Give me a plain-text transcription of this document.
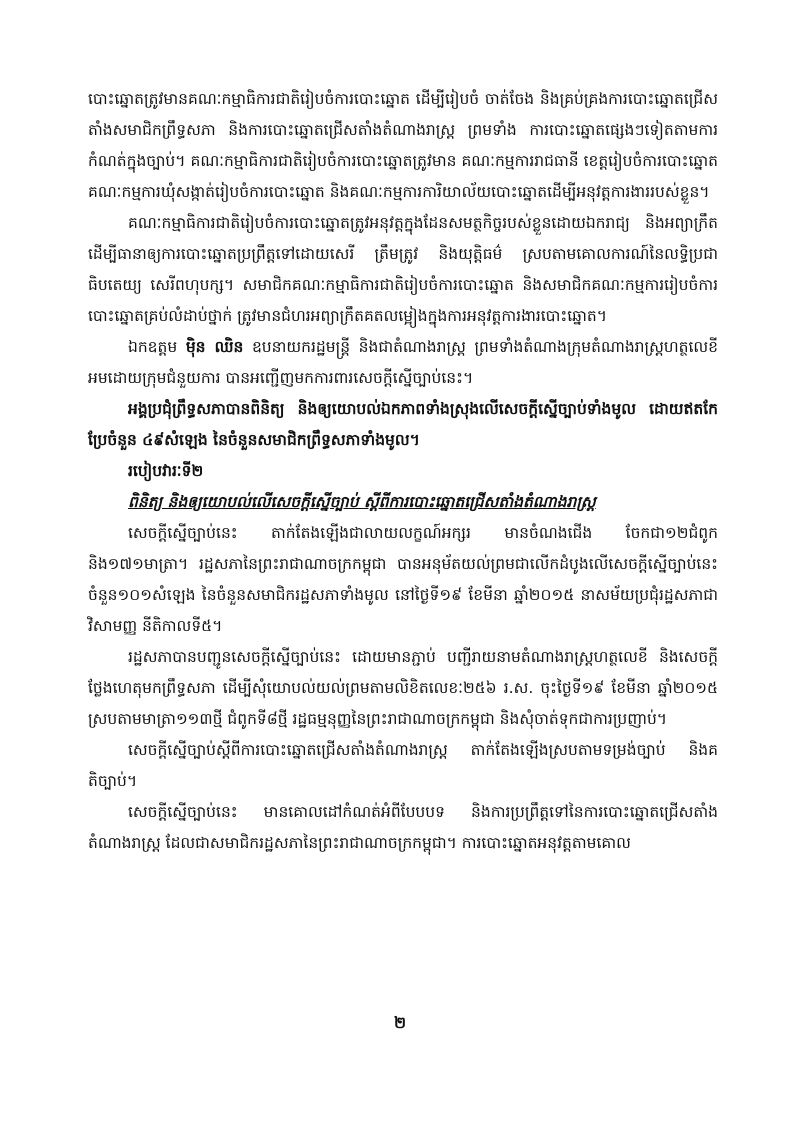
បោះឆ្នោតត្រូវមានគណៈកម្មាធិការជាតិរៀបចំការបោះឆ្នោត ដើម្បីរៀបចំ ចាត់ចែង និងគ្រប់គ្រងការបោះឆ្នោតជ្រើសតាំងសមាជិកព្រឹទ្ធសភា និងការបោះឆ្នោតជ្រើសតាំងតំណាងរាស្ត្រ ព្រមទាំង ការបោះឆ្នោតផ្សេងៗទៀតតាមការកំណត់ក្នុងច្បាប់។ គណៈកម្មាធិការជាតិរៀបចំការបោះឆ្នោតត្រូវមាន គណៈកម្មការរាជធានី ខេត្តរៀបចំការបោះឆ្នោត គណៈកម្មការឃុំសង្កាត់រៀបចំការបោះឆ្នោត និងគណៈកម្មការការិយាល័យបោះឆ្នោតដើម្បីអនុវត្តការងាររបស់ខ្លួន។

គណៈកម្មាធិការជាតិរៀបចំការបោះឆ្នោតត្រូវអនុវត្តក្នុងដែនសមត្ថកិច្ចរបស់ខ្លួនដោយឯករាជ្យ និងអព្យាក្រឹត ដើម្បីធានាឲ្យការបោះឆ្នោតប្រព្រឹត្តទៅដោយសេរី ត្រឹមត្រូវ និងយុត្តិធម៌ ស្របតាមគោលការណ៍នៃលទ្ធិប្រជាធិបតេយ្យ សេរីពហុបក្ស។ សមាជិកគណៈកម្មាធិការជាតិរៀបចំការបោះឆ្នោត និងសមាជិកគណៈកម្មការរៀបចំការបោះឆ្នោតគ្រប់លំដាប់ថ្នាក់ ត្រូវមានជំហរអព្យាក្រឹតគតលម្អៀងក្នុងការអនុវត្តការងារបោះឆ្នោត។

ឯកឧត្តម ម៉ិន ឈិន ឧបនាយករដ្ឋមន្ត្រី និងជាតំណាងរាស្ត្រ ព្រមទាំងតំណាងក្រុមតំណាងរាស្ត្រហត្ថលេខី អមដោយក្រុមជំនួយការ បានអញ្ជើញមកការពារសេចក្តីស្នើច្បាប់នេះ។

អង្គប្រជុំព្រឹទ្ធសភាបានពិនិត្យ និងឲ្យយោបល់ឯកភាពទាំងស្រុងលើសេចក្តីស្នើច្បាប់ទាំងមូល ដោយឥតកែប្រែចំនួន ៤៩សំឡេង នៃចំនួនសមាជិកព្រឹទ្ធសភាទាំងមូល។

របៀបវារៈទី២

ពិនិត្យ និងឲ្យយោបល់លើសេចក្តីស្នើច្បាប់ ស្តីពីការបោះឆ្នោតជ្រើសតាំងតំណាងរាស្ត្រ

សេចក្តីស្នើច្បាប់នេះ តាក់តែងឡើងជាលាយលក្ខណ៍អក្សរ មានចំណងជើង ចែកជា១២ជំពូក និង១៧១មាត្រា។ រដ្ឋសភានៃព្រះរាជាណាចក្រកម្ពុជា បានអនុម័តយល់ព្រមជាលើកដំបូងលើសេចក្តីស្នើច្បាប់នេះ ចំនួន១០១សំឡេង នៃចំនួនសមាជិករដ្ឋសភាទាំងមូល នៅថ្ងៃទី១៩ ខែមីនា ឆ្នាំ២០១៥ នាសម័យប្រជុំរដ្ឋសភាជាវិសាមញ្ញ នីតិកាលទី៥។

រដ្ឋសភាបានបញ្ជូនសេចក្តីស្នើច្បាប់នេះ ដោយមានភ្ជាប់ បញ្ជីរាយនាមតំណាងរាស្ត្រហត្ថលេខី និងសេចក្តីថ្លែងហេតុមកព្រឹទ្ធសភា ដើម្បីសុំយោបល់យល់ព្រមតាមលិខិតលេខៈ២៥៦ រ.ស. ចុះថ្ងៃទី១៩ ខែមីនា ឆ្នាំ២០១៥ ស្របតាមមាត្រា១១៣ថ្មី ជំពូកទី៨ថ្មី រដ្ឋធម្មនុញ្ញនៃព្រះរាជាណាចក្រកម្ពុជា និងសុំចាត់ទុកជាការប្រញាប់។

សេចក្តីស្នើច្បាប់ស្តីពីការបោះឆ្នោតជ្រើសតាំងតំណាងរាស្ត្រ តាក់តែងឡើងស្របតាមទម្រង់ច្បាប់ និងគតិច្បាប់។

សេចក្តីស្នើច្បាប់នេះ មានគោលដៅកំណត់អំពីបែបបទ និងការប្រព្រឹត្តទៅនៃការបោះឆ្នោតជ្រើសតាំងតំណាងរាស្ត្រ ដែលជាសមាជិករដ្ឋសភានៃព្រះរាជាណាចក្រកម្ពុជា។ ការបោះឆ្នោតអនុវត្តតាមគោល

២
